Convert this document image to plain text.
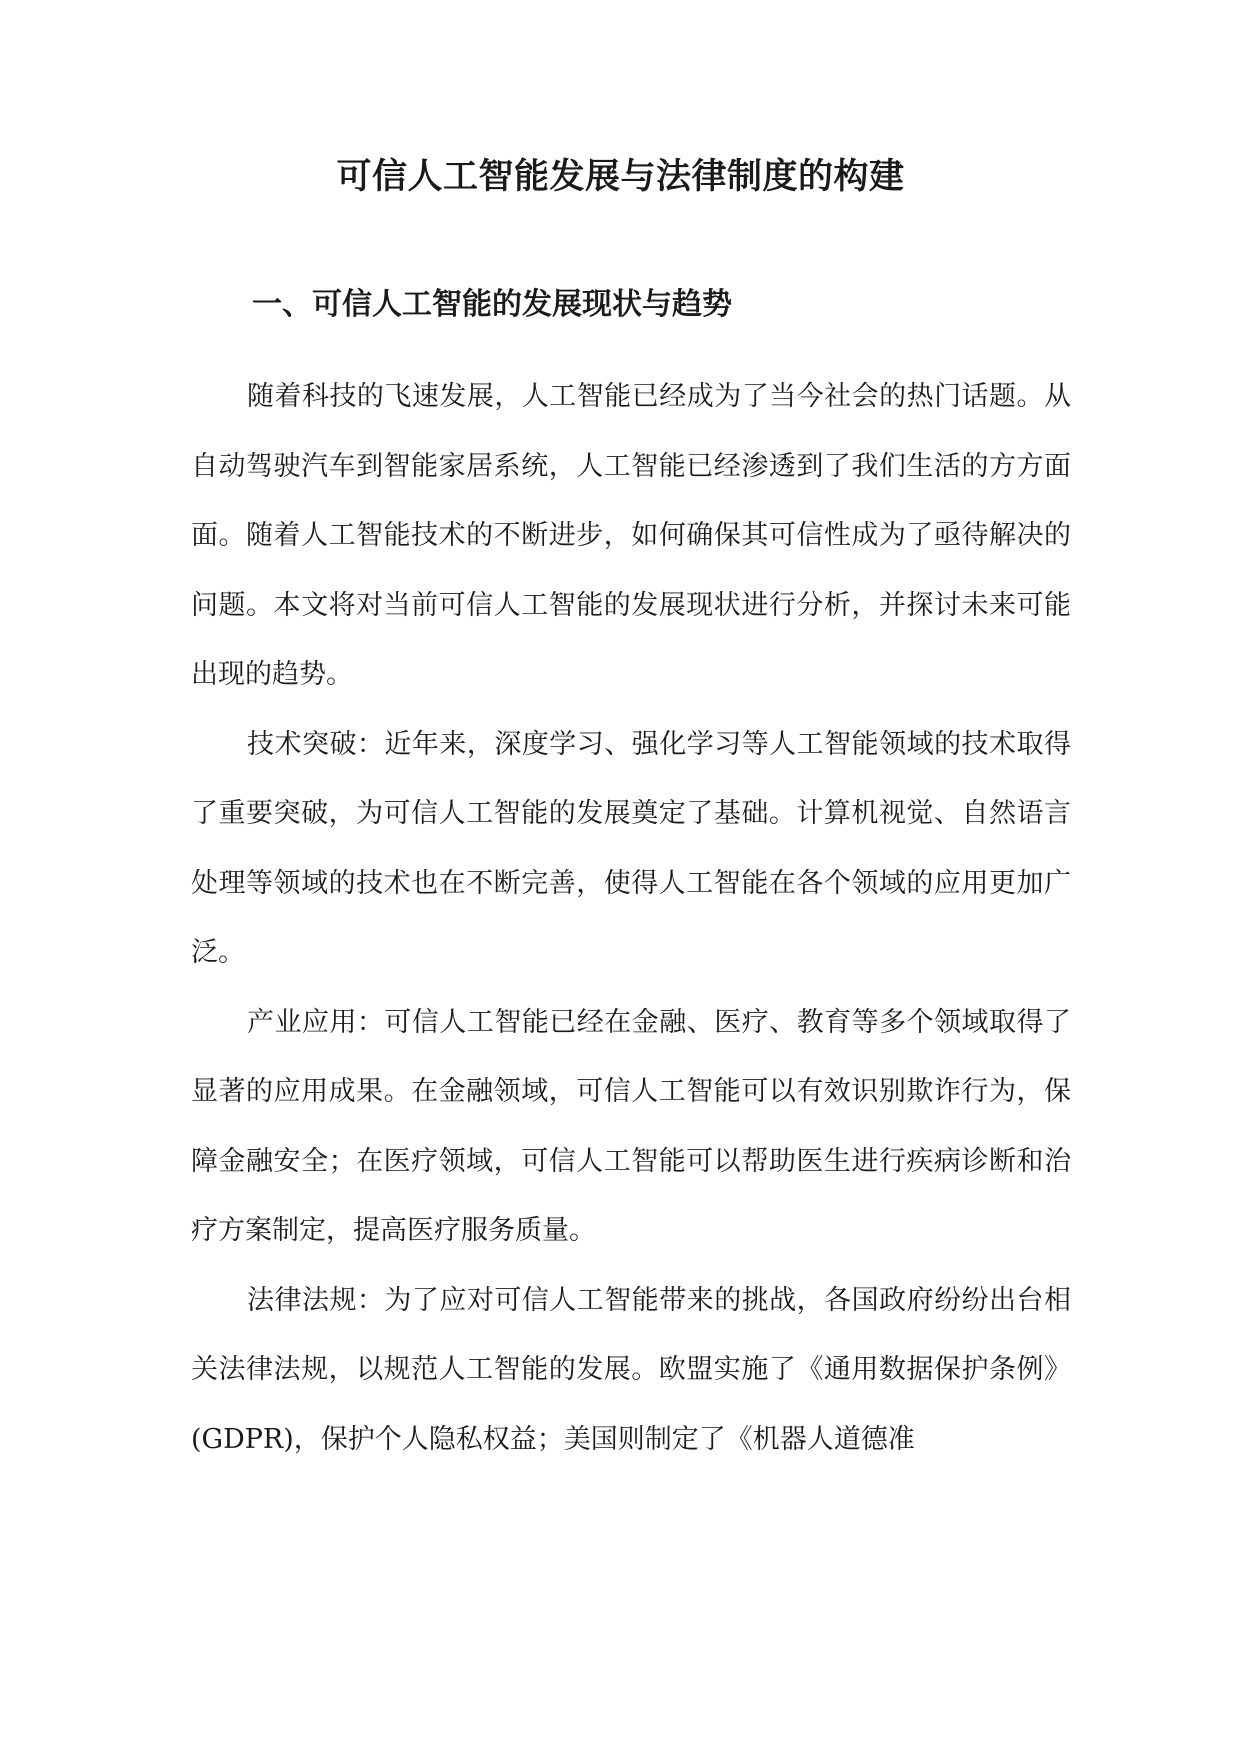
可信人工智能发展与法律制度的构建
一、可信人工智能的发展现状与趋势

随着科技的飞速发展，人工智能已经成为了当今社会的热门话题。从自动驾驶汽车到智能家居系统，人工智能已经渗透到了我们生活的方方面面。随着人工智能技术的不断进步，如何确保其可信性成为了亟待解决的问题。本文将对当前可信人工智能的发展现状进行分析，并探讨未来可能出现的趋势。

技术突破：近年来，深度学习、强化学习等人工智能领域的技术取得了重要突破，为可信人工智能的发展奠定了基础。计算机视觉、自然语言处理等领域的技术也在不断完善，使得人工智能在各个领域的应用更加广泛。

产业应用：可信人工智能已经在金融、医疗、教育等多个领域取得了显著的应用成果。在金融领域，可信人工智能可以有效识别欺诈行为，保障金融安全；在医疗领域，可信人工智能可以帮助医生进行疾病诊断和治疗方案制定，提高医疗服务质量。

法律法规：为了应对可信人工智能带来的挑战，各国政府纷纷出台相关法律法规，以规范人工智能的发展。欧盟实施了《通用数据保护条例》(GDPR)，保护个人隐私权益；美国则制定了《机器人道德准
